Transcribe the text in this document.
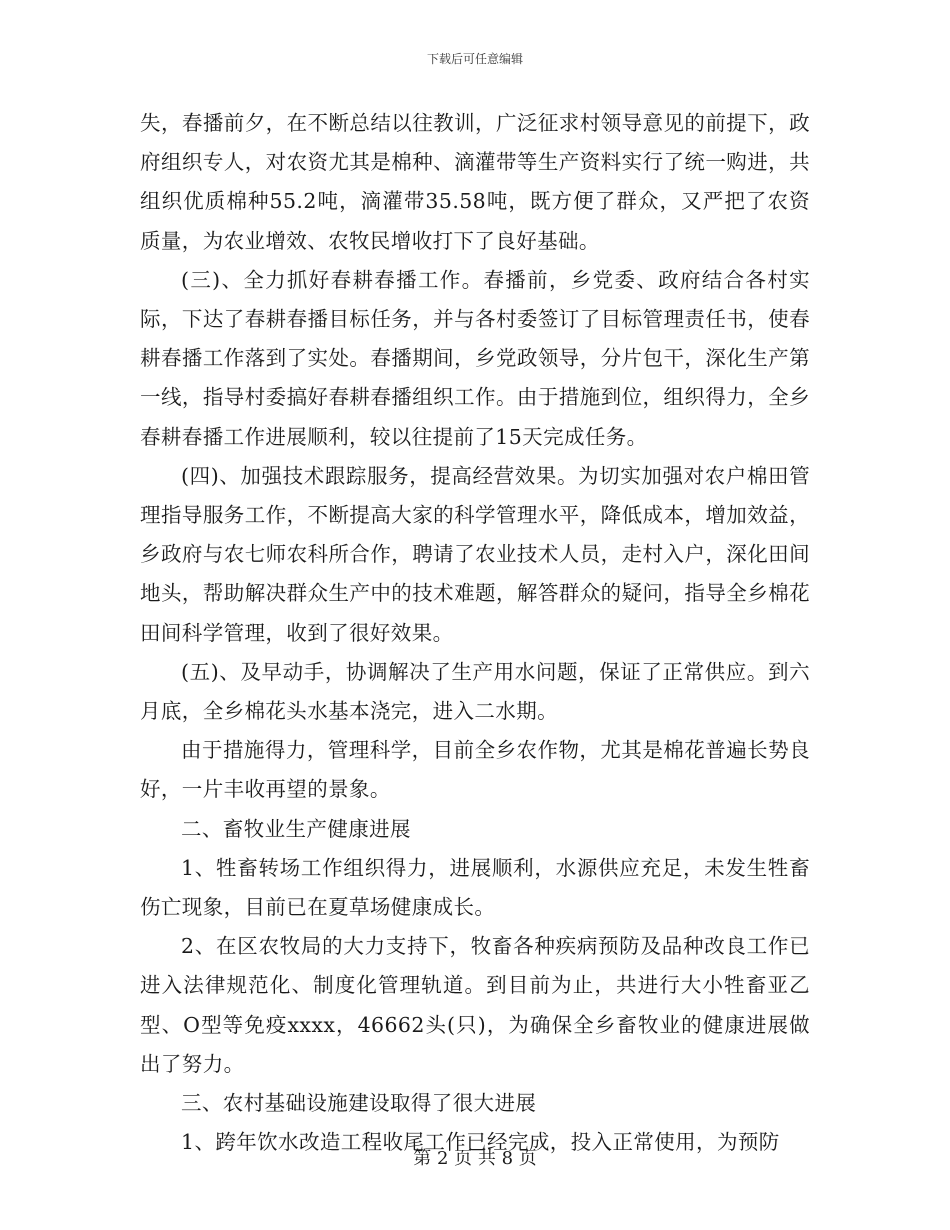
下载后可任意编辑

失，春播前夕，在不断总结以往教训，广泛征求村领导意见的前提下，政府组织专人，对农资尤其是棉种、滴灌带等生产资料实行了统一购进，共组织优质棉种55.2吨，滴灌带35.58吨，既方便了群众，又严把了农资质量，为农业增效、农牧民增收打下了良好基础。

(三)、全力抓好春耕春播工作。春播前，乡党委、政府结合各村实际，下达了春耕春播目标任务，并与各村委签订了目标管理责任书，使春耕春播工作落到了实处。春播期间，乡党政领导，分片包干，深化生产第一线，指导村委搞好春耕春播组织工作。由于措施到位，组织得力，全乡春耕春播工作进展顺利，较以往提前了15天完成任务。

(四)、加强技术跟踪服务，提高经营效果。为切实加强对农户棉田管理指导服务工作，不断提高大家的科学管理水平，降低成本，增加效益，乡政府与农七师农科所合作，聘请了农业技术人员，走村入户，深化田间地头，帮助解决群众生产中的技术难题，解答群众的疑问，指导全乡棉花田间科学管理，收到了很好效果。

(五)、及早动手，协调解决了生产用水问题，保证了正常供应。到六月底，全乡棉花头水基本浇完，进入二水期。

由于措施得力，管理科学，目前全乡农作物，尤其是棉花普遍长势良好，一片丰收再望的景象。

二、畜牧业生产健康进展

1、牲畜转场工作组织得力，进展顺利，水源供应充足，未发生牲畜伤亡现象，目前已在夏草场健康成长。

2、在区农牧局的大力支持下，牧畜各种疾病预防及品种改良工作已进入法律规范化、制度化管理轨道。到目前为止，共进行大小牲畜亚乙型、O型等免疫xxxx，46662头(只)，为确保全乡畜牧业的健康进展做出了努力。

三、农村基础设施建设取得了很大进展

1、跨年饮水改造工程收尾工作已经完成，投入正常使用，为预防

第 2 页 共 8 页
